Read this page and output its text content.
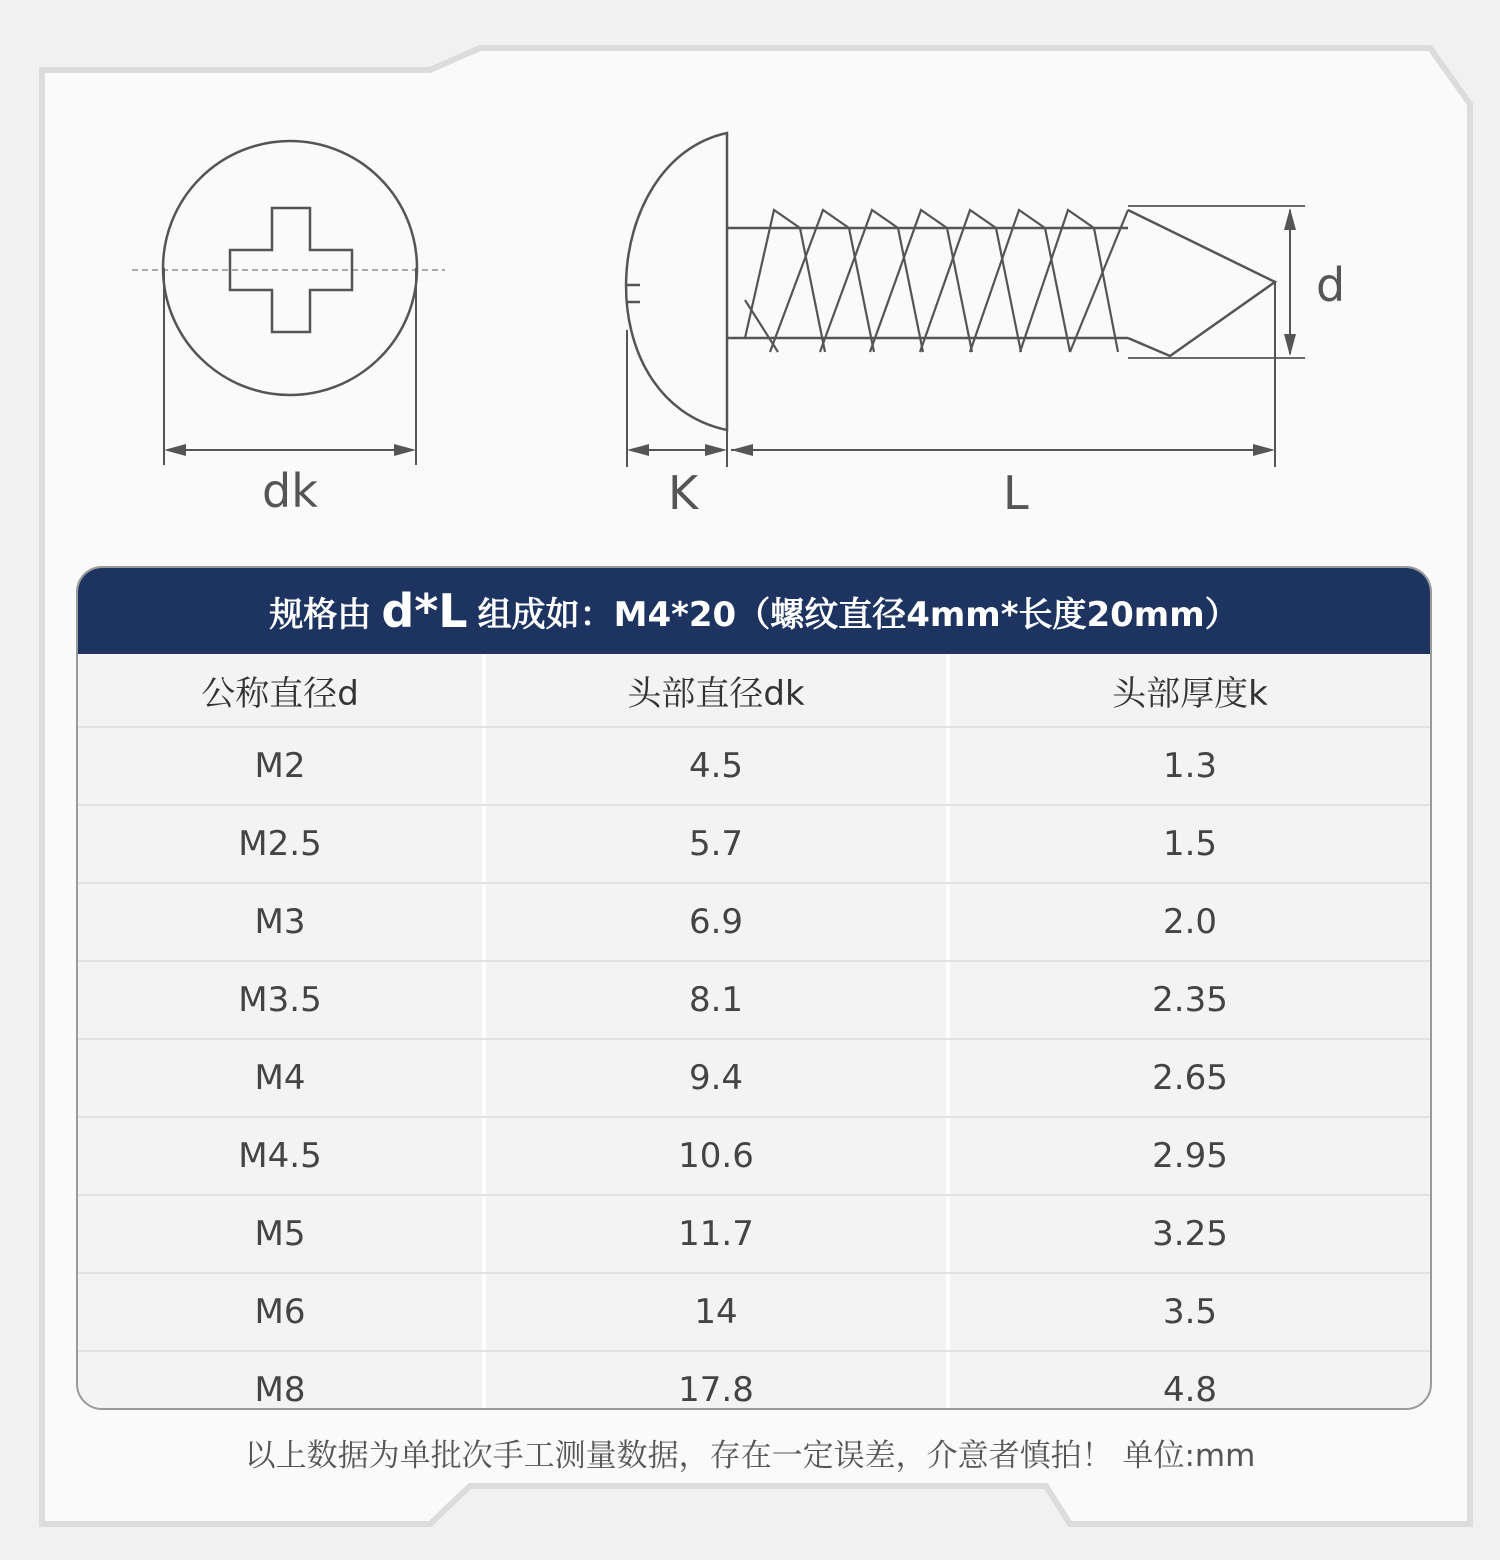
dk	K	L
d
规格由 d*L 组成如：M4*20（螺纹直径4mm*长度20mm）
公称直径d	头部直径dk	头部厚度k
M2	4.5	1.3
M2.5	5.7	1.5
M3	6.9	2.0
M3.5	8.1	2.35
M4	9.4	2.65
M4.5	10.6	2.95
M5	11.7	3.25
M6	14	3.5
M8	17.8	4.8
以上数据为单批次手工测量数据，存在一定误差，介意者慎拍！ 单位:mm
